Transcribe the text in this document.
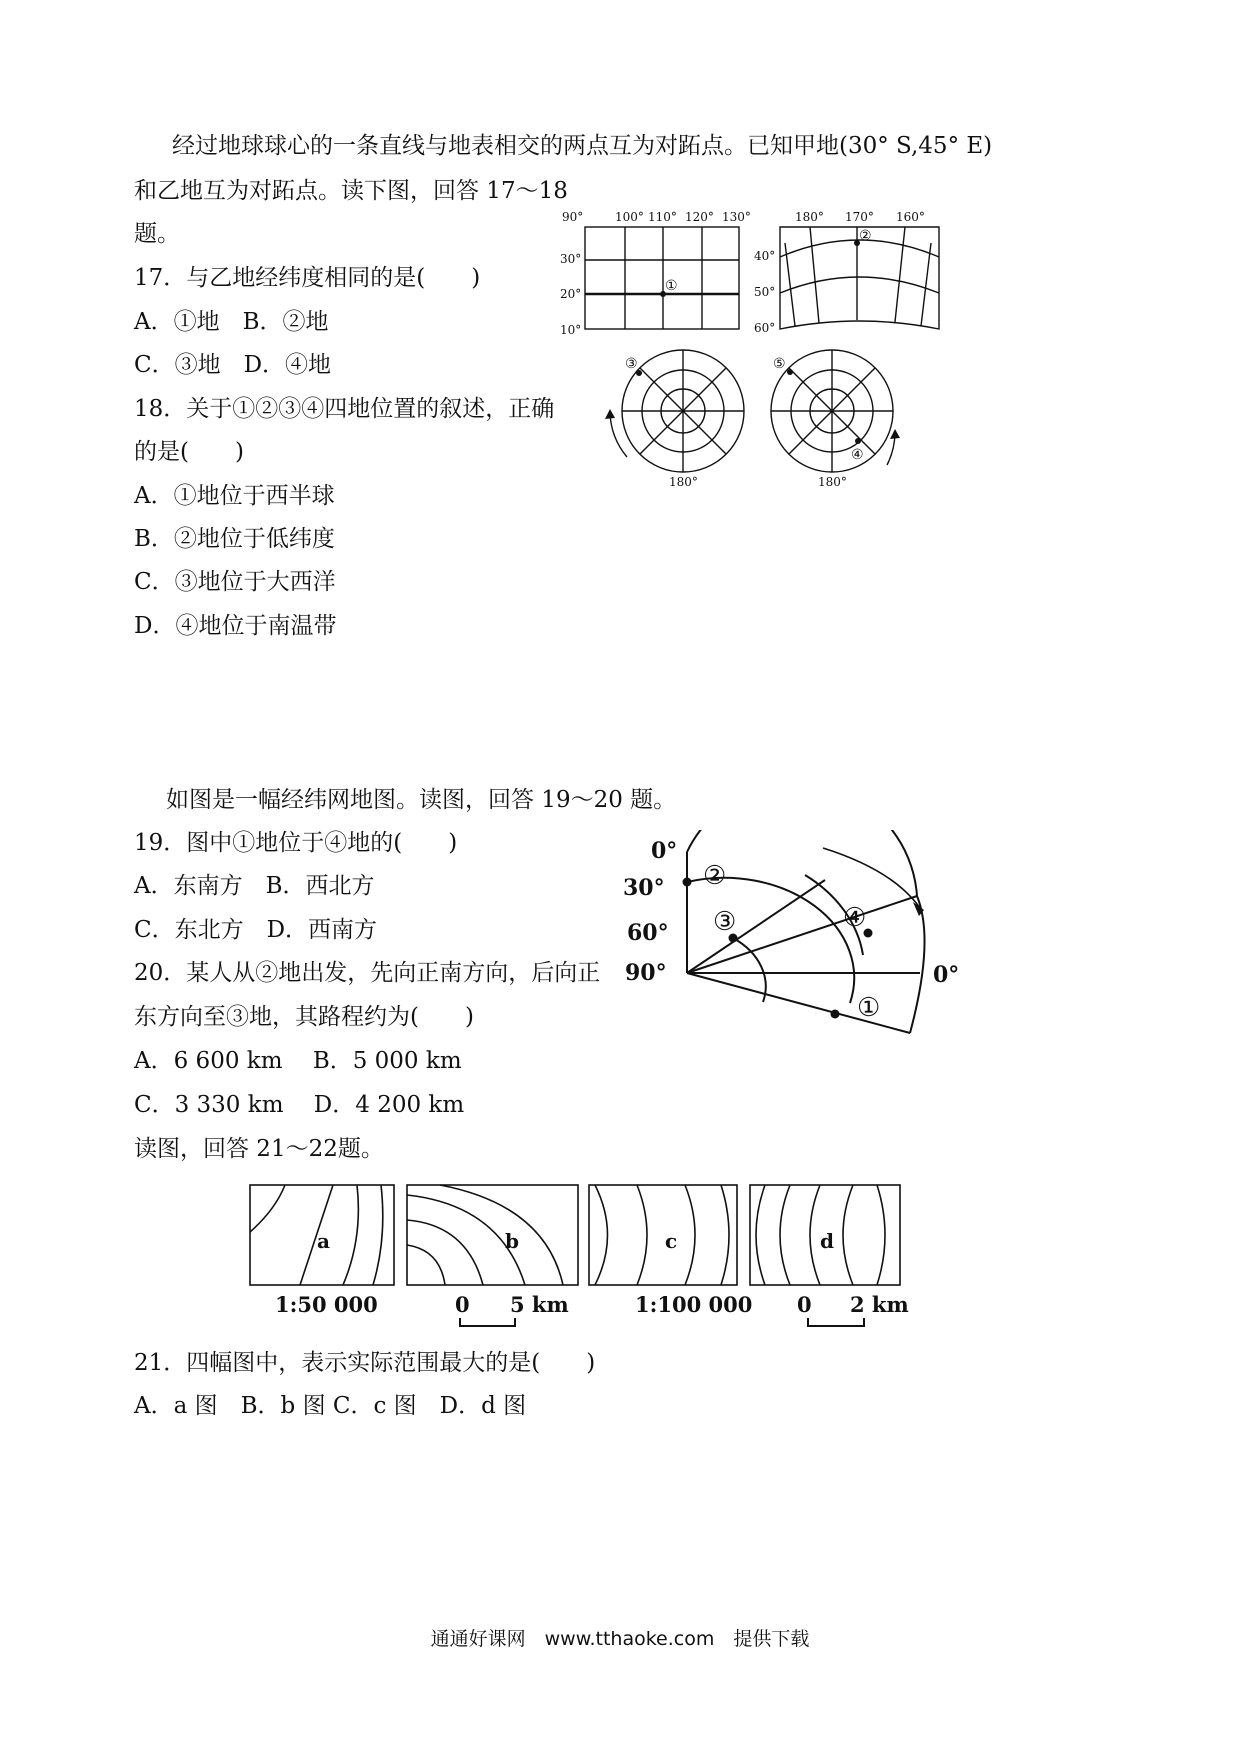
经过地球球心的一条直线与地表相交的两点互为对跖点。已知甲地(30° S,45° E)
和乙地互为对跖点。读下图，回答 17～18
题。
17．与乙地经纬度相同的是(　　)
A．①地　B．②地
C．③地　D．④地
18．关于①②③④四地位置的叙述，正确
的是(　　)
A．①地位于西半球
B．②地位于低纬度
C．③地位于大西洋
D．④地位于南温带
90°	100° 110° 120° 130°
30°
20°
10°
①
180° 170° 160°
40°
50°
60°
②
③
180°
⑤
④
180°
如图是一幅经纬网地图。读图，回答 19～20 题。
19．图中①地位于④地的(　　)
A．东南方　B．西北方
C．东北方　D．西南方
20．某人从②地出发，先向正南方向，后向正
东方向至③地，其路程约为(　　)
A．6 600 km　 B．5 000 km
C．3 330 km　 D．4 200 km
0°
30°
60°
90°	0°
②
③	④
①
读图，回答 21～22题。
a	b	c	d
1:50 000	0 5 km	1:100 000 0 2 km
21．四幅图中，表示实际范围最大的是(　　)
A．a 图　B．b 图 C．c 图　D．d 图
通通好课网　www.tthaoke.com　提供下载
